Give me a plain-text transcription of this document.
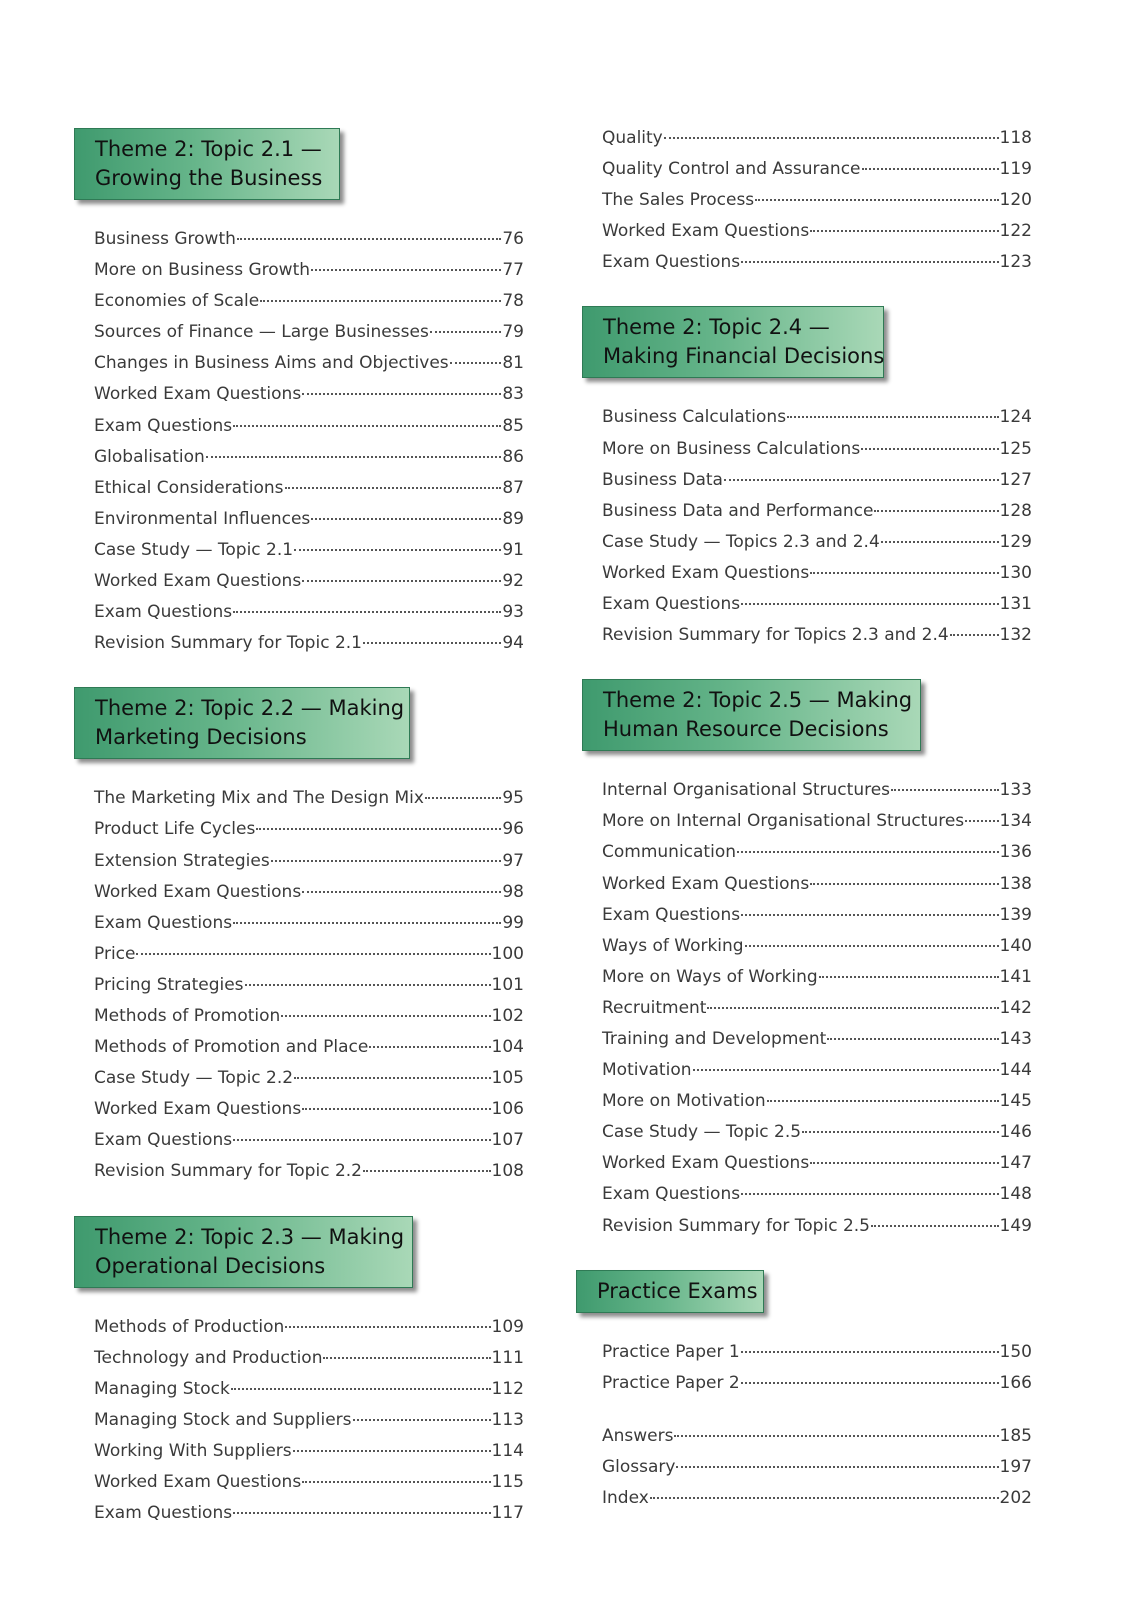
Theme 2: Topic 2.1 —
Growing the Business
Business Growth	76
More on Business Growth	77
Economies of Scale	78
Sources of Finance — Large Businesses	79
Changes in Business Aims and Objectives	81
Worked Exam Questions	83
Exam Questions	85
Globalisation	86
Ethical Considerations	87
Environmental Influences	89
Case Study — Topic 2.1	91
Worked Exam Questions	92
Exam Questions	93
Revision Summary for Topic 2.1	94
Theme 2: Topic 2.2 — Making
Marketing Decisions
The Marketing Mix and The Design Mix	95
Product Life Cycles	96
Extension Strategies	97
Worked Exam Questions	98
Exam Questions	99
Price	100
Pricing Strategies	101
Methods of Promotion	102
Methods of Promotion and Place	104
Case Study — Topic 2.2	105
Worked Exam Questions	106
Exam Questions	107
Revision Summary for Topic 2.2	108
Theme 2: Topic 2.3 — Making
Operational Decisions
Methods of Production	109
Technology and Production	111
Managing Stock	112
Managing Stock and Suppliers	113
Working With Suppliers	114
Worked Exam Questions	115
Exam Questions	117
Quality	118
Quality Control and Assurance	119
The Sales Process	120
Worked Exam Questions	122
Exam Questions	123
Theme 2: Topic 2.4 —
Making Financial Decisions
Business Calculations	124
More on Business Calculations	125
Business Data	127
Business Data and Performance	128
Case Study — Topics 2.3 and 2.4	129
Worked Exam Questions	130
Exam Questions	131
Revision Summary for Topics 2.3 and 2.4	132
Theme 2: Topic 2.5 — Making
Human Resource Decisions
Internal Organisational Structures	133
More on Internal Organisational Structures 134
Communication	136
Worked Exam Questions	138
Exam Questions	139
Ways of Working	140
More on Ways of Working	141
Recruitment	142
Training and Development	143
Motivation	144
More on Motivation	145
Case Study — Topic 2.5	146
Worked Exam Questions	147
Exam Questions	148
Revision Summary for Topic 2.5	149
Practice Exams
Practice Paper 1	150
Practice Paper 2	166
Answers	185
Glossary	197
Index	202
